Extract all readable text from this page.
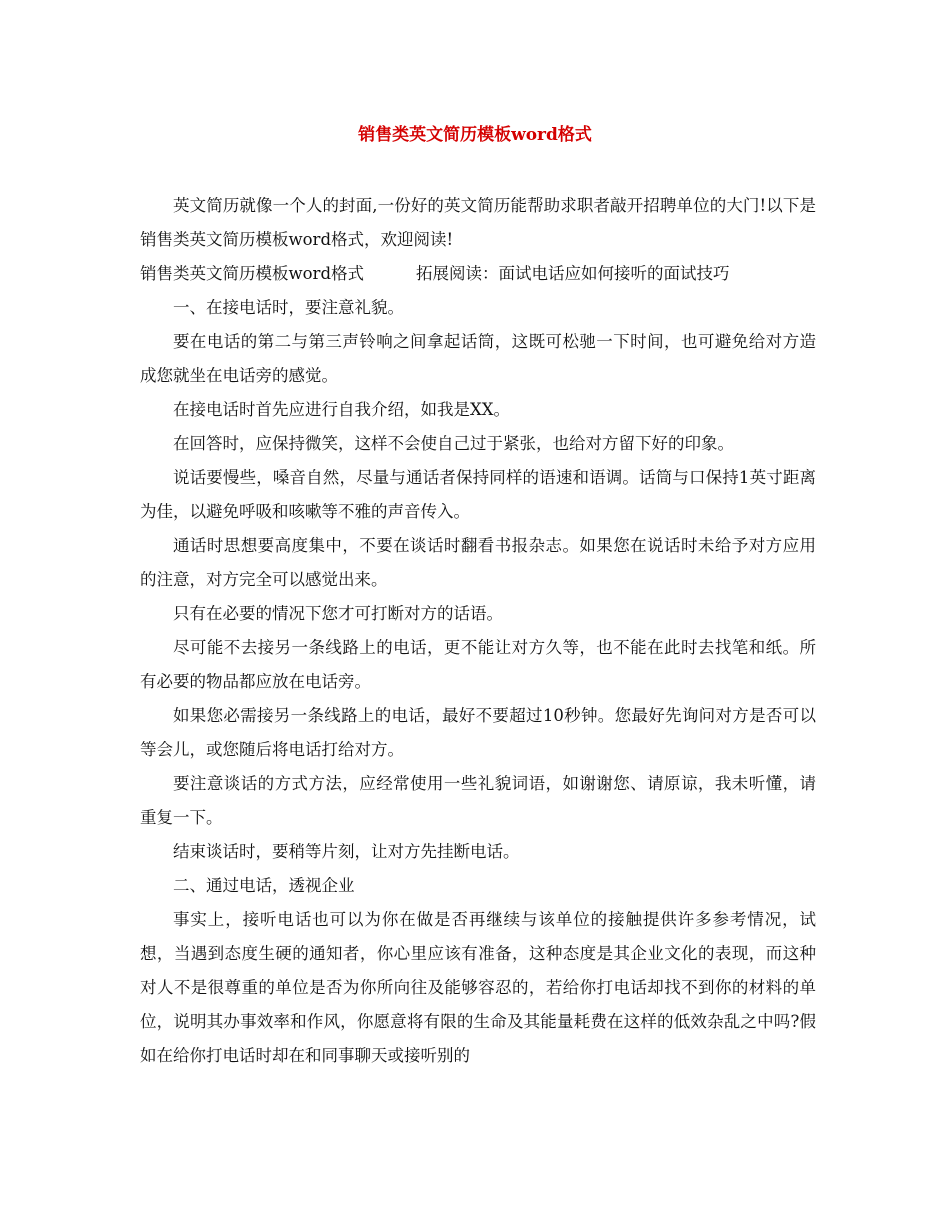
销售类英文简历模板word格式

英文简历就像一个人的封面,一份好的英文简历能帮助求职者敲开招聘单位的大门!以下是销售类英文简历模板word格式，欢迎阅读!

销售类英文简历模板word格式	拓展阅读：面试电话应如何接听的面试技巧

一、在接电话时，要注意礼貌。

要在电话的第二与第三声铃响之间拿起话筒，这既可松驰一下时间，也可避免给对方造成您就坐在电话旁的感觉。

在接电话时首先应进行自我介绍，如我是XX。

在回答时，应保持微笑，这样不会使自己过于紧张，也给对方留下好的印象。

说话要慢些，嗓音自然，尽量与通话者保持同样的语速和语调。话筒与口保持1英寸距离为佳，以避免呼吸和咳嗽等不雅的声音传入。

通话时思想要高度集中，不要在谈话时翻看书报杂志。如果您在说话时未给予对方应用的注意，对方完全可以感觉出来。

只有在必要的情况下您才可打断对方的话语。

尽可能不去接另一条线路上的电话，更不能让对方久等，也不能在此时去找笔和纸。所有必要的物品都应放在电话旁。

如果您必需接另一条线路上的电话，最好不要超过10秒钟。您最好先询问对方是否可以等会儿，或您随后将电话打给对方。

要注意谈话的方式方法，应经常使用一些礼貌词语，如谢谢您、请原谅，我未听懂，请重复一下。

结束谈话时，要稍等片刻，让对方先挂断电话。

二、通过电话，透视企业

事实上，接听电话也可以为你在做是否再继续与该单位的接触提供许多参考情况，试想，当遇到态度生硬的通知者，你心里应该有准备，这种态度是其企业文化的表现，而这种对人不是很尊重的单位是否为你所向往及能够容忍的，若给你打电话却找不到你的材料的单位，说明其办事效率和作风，你愿意将有限的生命及其能量耗费在这样的低效杂乱之中吗?假如在给你打电话时却在和同事聊天或接听别的
